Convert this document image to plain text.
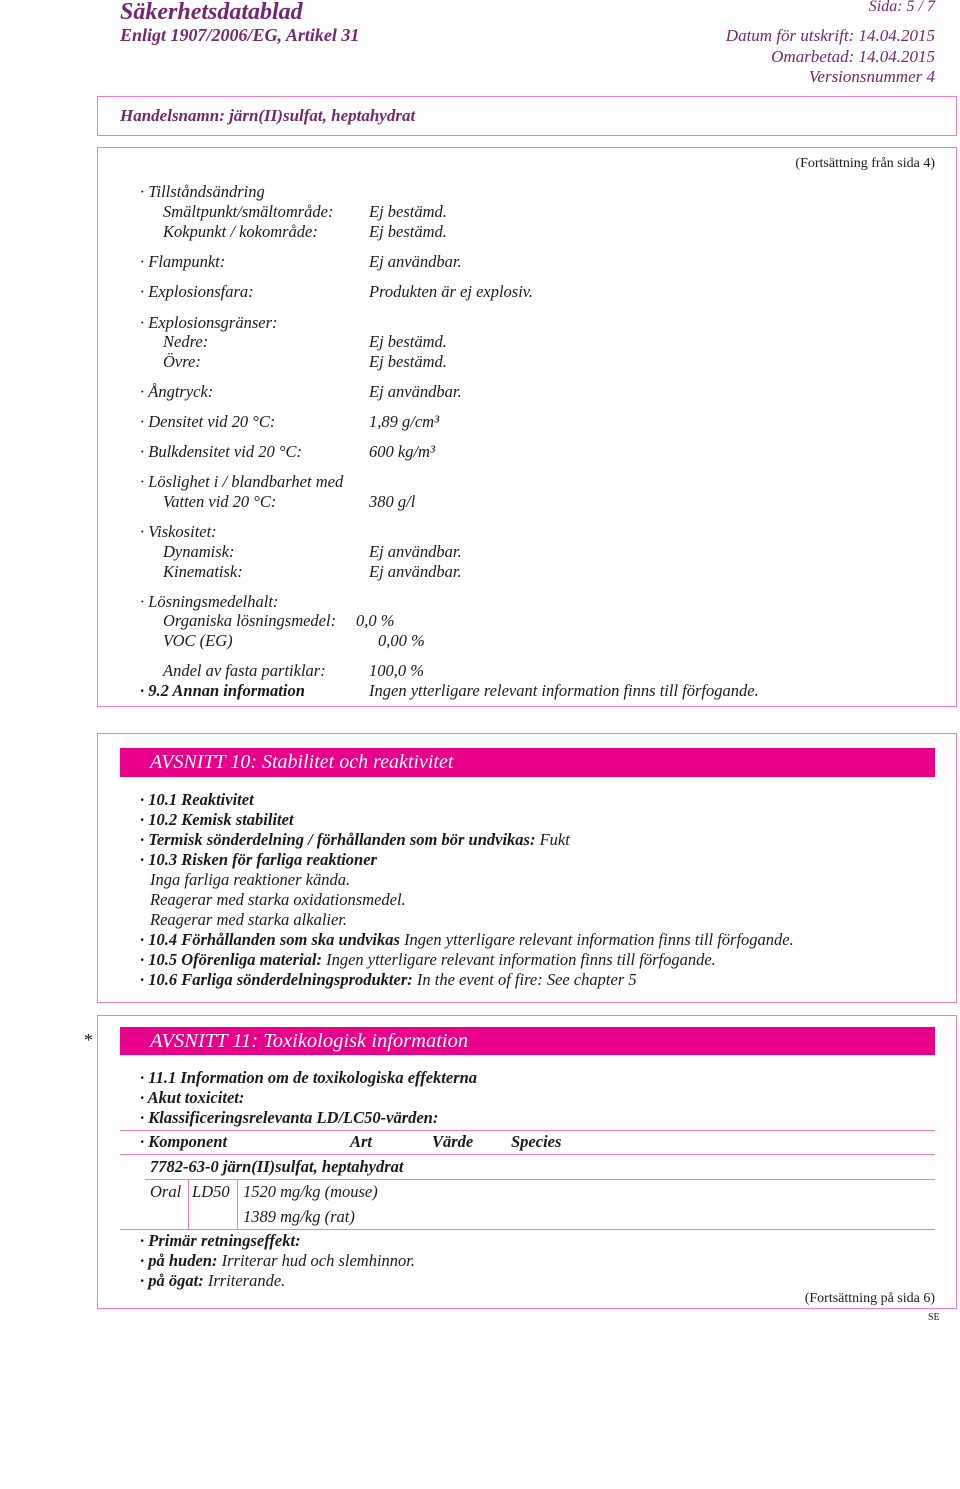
Säkerhetsdatablad	Sida: 5 / 7
Enligt 1907/2006/EG, Artikel 31	Datum för utskrift: 14.04.2015
Omarbetad: 14.04.2015
Versionsnummer 4
Handelsnamn: järn(II)sulfat, heptahydrat
(Fortsättning från sida 4)
· Tillståndsändring
Smältpunkt/smältområde: Ej bestämd.
Kokpunkt / kokområde:	Ej bestämd.
· Flampunkt:	Ej användbar.
· Explosionsfara:	Produkten är ej explosiv.
· Explosionsgränser:
Nedre:	Ej bestämd.
Övre:	Ej bestämd.
· Ångtryck:	Ej användbar.
· Densitet vid 20 °C:	1,89 g/cm³
· Bulkdensitet vid 20 °C:	600 kg/m³
· Löslighet i / blandbarhet med
Vatten vid 20 °C:	380 g/l
· Viskositet:
Dynamisk:	Ej användbar.
Kinematisk:	Ej användbar.
· Lösningsmedelhalt:
Organiska lösningsmedel: 0,0 %
VOC (EG)	0,00 %
Andel av fasta partiklar:	100,0 %
· 9.2 Annan information	Ingen ytterligare relevant information finns till förfogande.
AVSNITT 10: Stabilitet och reaktivitet
· 10.1 Reaktivitet
· 10.2 Kemisk stabilitet
· Termisk sönderdelning / förhållanden som bör undvikas: Fukt
· 10.3 Risken för farliga reaktioner
Inga farliga reaktioner kända.
Reagerar med starka oxidationsmedel.
Reagerar med starka alkalier.
· 10.4 Förhållanden som ska undvikas Ingen ytterligare relevant information finns till förfogande.
· 10.5 Oförenliga material: Ingen ytterligare relevant information finns till förfogande.
· 10.6 Farliga sönderdelningsprodukter: In the event of fire: See chapter 5
*	AVSNITT 11: Toxikologisk information
· 11.1 Information om de toxikologiska effekterna
· Akut toxicitet:
· Klassificeringsrelevanta LD/LC50-värden:
· Komponent	Art	Värde Species
7782-63-0 järn(II)sulfat, heptahydrat
Oral LD50 1520 mg/kg (mouse)
1389 mg/kg (rat)
· Primär retningseffekt:
· på huden: Irriterar hud och slemhinnor.
· på ögat: Irriterande.
(Fortsättning på sida 6)
SE
